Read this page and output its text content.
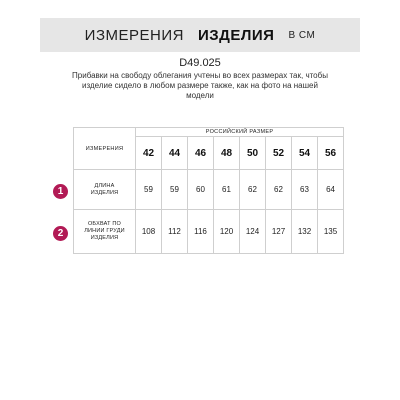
ИЗМЕРЕНИЯ ИЗДЕЛИЯ В СМ
D49.025
Прибавки на свободу облегания учтены во всех размерах так, чтобы
изделие сидело в любом размере также, как на фото на нашей
модели
1
2
ИЗМЕРЕНИЯ	РОССИЙСКИЙ РАЗМЕР							
	42	44	46	48	50	52	54	56

ДЛИНА
ИЗДЕЛИЯ	59	59	60	61	62	62	63	64

ОБХВАТ ПО
ЛИНИИ ГРУДИ
ИЗДЕЛИЯ	108	112	116	120	124	127	132	135
